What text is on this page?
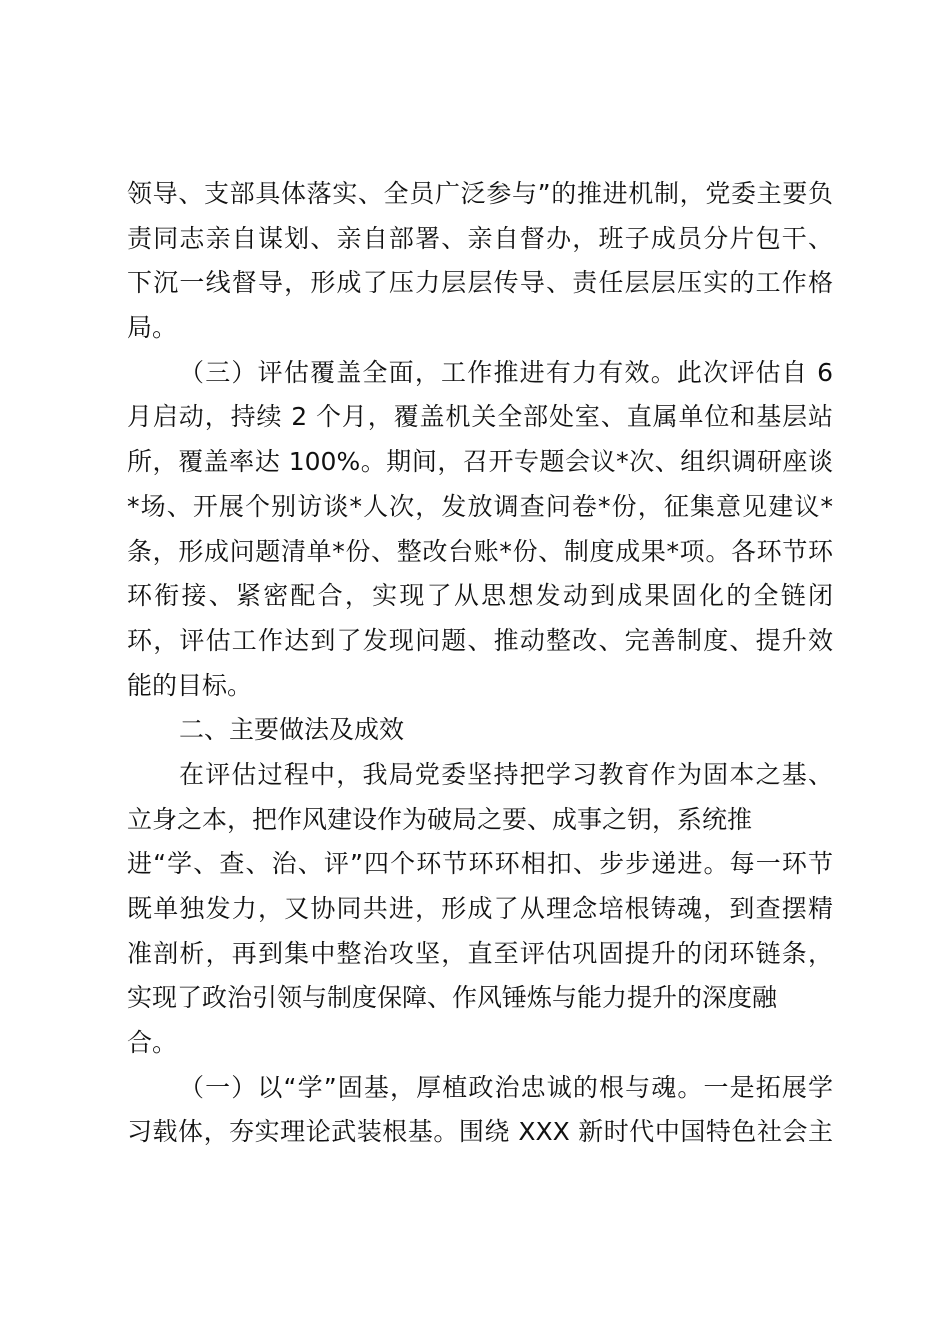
领导、支部具体落实、全员广泛参与”的推进机制，党委主要负
责同志亲自谋划、亲自部署、亲自督办，班子成员分片包干、
下沉一线督导，形成了压力层层传导、责任层层压实的工作格
局。
（三）评估覆盖全面，工作推进有力有效。此次评估自 6
月启动，持续 2 个月，覆盖机关全部处室、直属单位和基层站
所，覆盖率达 100%。期间，召开专题会议*次、组织调研座谈
*场、开展个别访谈*人次，发放调查问卷*份，征集意见建议*
条，形成问题清单*份、整改台账*份、制度成果*项。各环节环
环衔接、紧密配合，实现了从思想发动到成果固化的全链闭
环，评估工作达到了发现问题、推动整改、完善制度、提升效
能的目标。
二、主要做法及成效
在评估过程中，我局党委坚持把学习教育作为固本之基、
立身之本，把作风建设作为破局之要、成事之钥，系统推
进“学、查、治、评”四个环节环环相扣、步步递进。每一环节
既单独发力，又协同共进，形成了从理念培根铸魂，到查摆精
准剖析，再到集中整治攻坚，直至评估巩固提升的闭环链条，
实现了政治引领与制度保障、作风锤炼与能力提升的深度融
合。
（一）以“学”固基，厚植政治忠诚的根与魂。一是拓展学
习载体，夯实理论武装根基。围绕 XXX 新时代中国特色社会主
